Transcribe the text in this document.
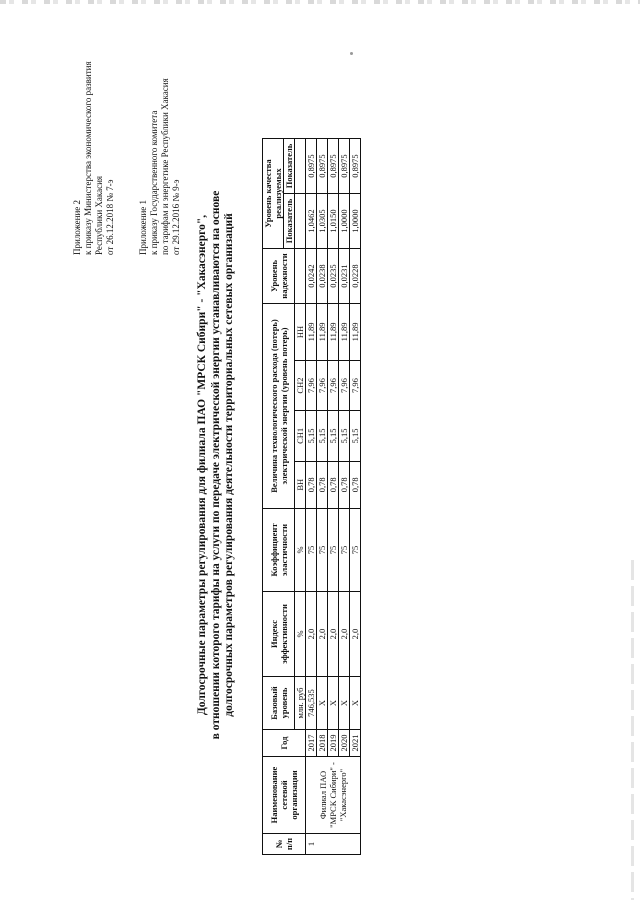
Приложение 2 к приказу Министерства экономического развития Республики Хакасия от 26.12.2018 № 7-э	Приложение 1 к приказу Государственного комитета по тарифам и энергетике Республики Хакасия от 29.12.2016 № 9-э Долгосрочные параметры регулирования для филиала ПАО "МРСК Сибири" - "Хакасэнерго", в отношении которого тарифы на услуги по передаче электрической энергии устанавливаются на основе долгосрочных параметров регулирования деятельности территориальных сетевых организаций
№ п/п	Наименование сетевой организации	Год	Базовый уровень	Индекс эффективности	Коэффициент эластичности	Величина технологического расхода (потерь) электрической энергии (уровень потерь)				Уровень надежности	Уровень качества реализуемых	
											Показатель	Показатель
			млн. руб	%	%	ВН	СН1	СН2	НН			
1	Филиал ПАО "МРСК Сибири" - "Хакасэнерго"	2017	746,535	2,0	75	0,78	5,15	7,96	11,89	0,0242	1,0462	0,8975
		2018	X	2,0	75	0,78	5,15	7,96	11,89	0,0238	1,0305	0,8975
		2019	X	2,0	75	0,78	5,15	7,96	11,89	0,0235	1,0150	0,8975
		2020	X	2,0	75	0,78	5,15	7,96	11,89	0,0231	1,0000	0,8975
		2021	X	2,0	75	0,78	5,15	7,96	11,89	0,0228	1,0000	0,8975
